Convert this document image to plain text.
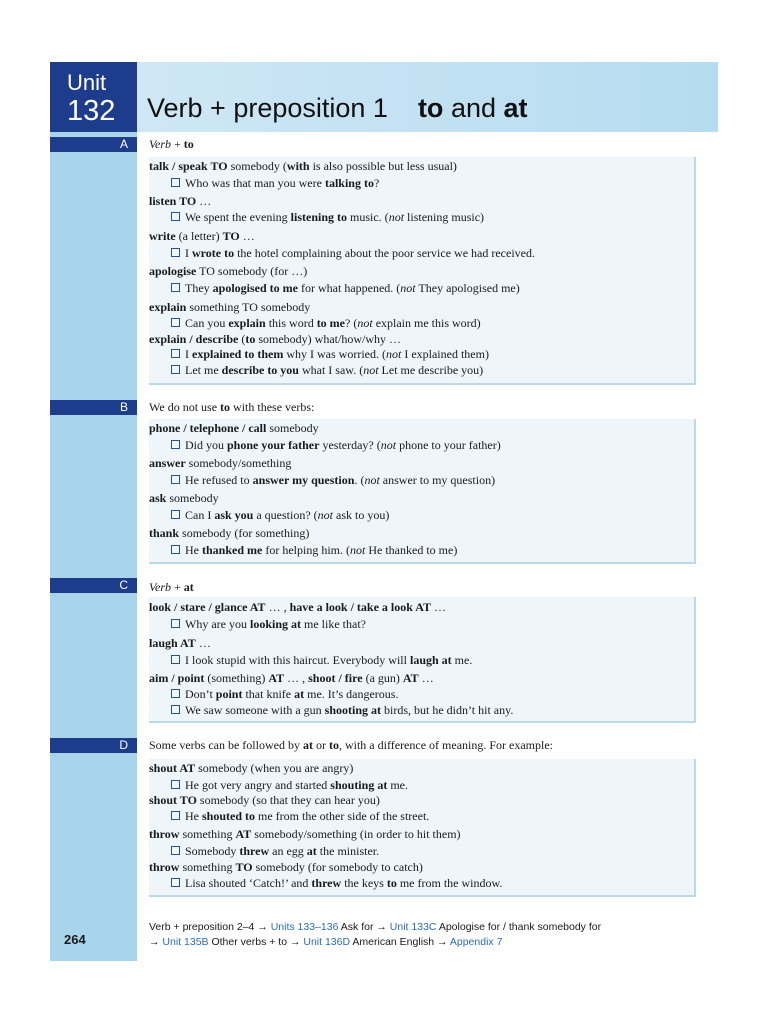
Unit
132 Verb + preposition 1 to and at
A	Verb + to
talk / speak TO somebody (with is also possible but less usual)
Who was that man you were talking to?
listen TO …
We spent the evening listening to music. (not listening music)
write (a letter) TO …
I wrote to the hotel complaining about the poor service we had received.
apologise TO somebody (for …)
They apologised to me for what happened. (not They apologised me)
explain something TO somebody
Can you explain this word to me? (not explain me this word)
explain / describe (to somebody) what/how/why …
I explained to them why I was worried. (not I explained them)
Let me describe to you what I saw. (not Let me describe you)
B	We do not use to with these verbs:
phone / telephone / call somebody
Did you phone your father yesterday? (not phone to your father)
answer somebody/something
He refused to answer my question. (not answer to my question)
ask somebody
Can I ask you a question? (not ask to you)
thank somebody (for something)
He thanked me for helping him. (not He thanked to me)
C	Verb + at
look / stare / glance AT … , have a look / take a look AT …
Why are you looking at me like that?
laugh AT …
I look stupid with this haircut. Everybody will laugh at me.
aim / point (something) AT … , shoot / fire (a gun) AT …
Don’t point that knife at me. It’s dangerous.
We saw someone with a gun shooting at birds, but he didn’t hit any.
D	Some verbs can be followed by at or to, with a difference of meaning. For example:
shout AT somebody (when you are angry)
He got very angry and started shouting at me.
shout TO somebody (so that they can hear you)
He shouted to me from the other side of the street.
throw something AT somebody/something (in order to hit them)
Somebody threw an egg at the minister.
throw something TO somebody (for somebody to catch)
Lisa shouted ‘Catch!’ and threw the keys to me from the window.
Verb + preposition 2–4 → Units 133–136 Ask for → Unit 133C Apologise for / thank somebody for
→ Unit 135B Other verbs + to → Unit 136D American English → Appendix 7
264
